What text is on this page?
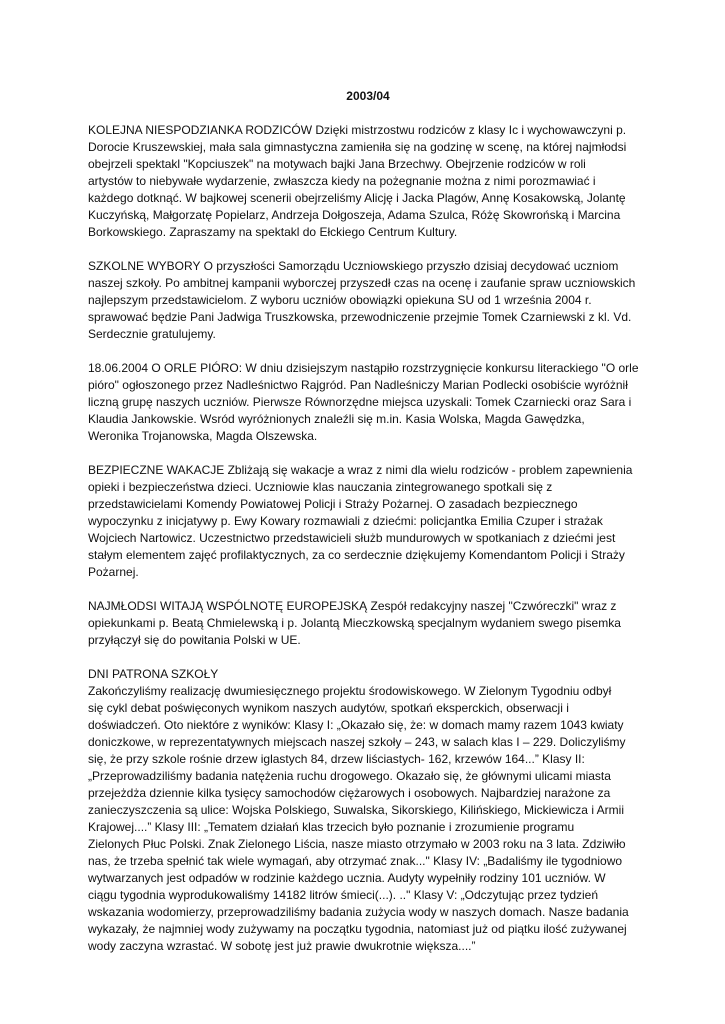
2003/04
KOLEJNA NIESPODZIANKA RODZICÓW Dzięki mistrzostwu rodziców z klasy Ic i wychowawczyni p.
Dorocie Kruszewskiej, mała sala gimnastyczna zamieniła się na godzinę w scenę, na której najmłodsi
obejrzeli spektakl "Kopciuszek" na motywach bajki Jana Brzechwy. Obejrzenie rodziców w roli
artystów to niebywałe wydarzenie, zwłaszcza kiedy na pożegnanie można z nimi porozmawiać i
każdego dotknąć. W bajkowej scenerii obejrzeliśmy Alicję i Jacka Plagów, Annę Kosakowską, Jolantę
Kuczyńską, Małgorzatę Popielarz, Andrzeja Dołgoszeja, Adama Szulca, Różę Skowrońską i Marcina
Borkowskiego. Zapraszamy na spektakl do Ełckiego Centrum Kultury.
SZKOLNE WYBORY O przyszłości Samorządu Uczniowskiego przyszło dzisiaj decydować uczniom
naszej szkoły. Po ambitnej kampanii wyborczej przyszedł czas na ocenę i zaufanie spraw uczniowskich
najlepszym przedstawicielom. Z wyboru uczniów obowiązki opiekuna SU od 1 września 2004 r.
sprawować będzie Pani Jadwiga Truszkowska, przewodniczenie przejmie Tomek Czarniewski z kl. Vd.
Serdecznie gratulujemy.
18.06.2004 O ORLE PIÓRO: W dniu dzisiejszym nastąpiło rozstrzygnięcie konkursu literackiego "O orle
pióro" ogłoszonego przez Nadleśnictwo Rajgród. Pan Nadleśniczy Marian Podlecki osobiście wyróżnił
liczną grupę naszych uczniów. Pierwsze Równorzędne miejsca uzyskali: Tomek Czarniecki oraz Sara i
Klaudia Jankowskie. Wsród wyróżnionych znaleźli się m.in. Kasia Wolska, Magda Gawędzka,
Weronika Trojanowska, Magda Olszewska.
BEZPIECZNE WAKACJE Zbliżają się wakacje a wraz z nimi dla wielu rodziców - problem zapewnienia
opieki i bezpieczeństwa dzieci. Uczniowie klas nauczania zintegrowanego spotkali się z
przedstawicielami Komendy Powiatowej Policji i Straży Pożarnej. O zasadach bezpiecznego
wypoczynku z inicjatywy p. Ewy Kowary rozmawiali z dziećmi: policjantka Emilia Czuper i strażak
Wojciech Nartowicz. Uczestnictwo przedstawicieli służb mundurowych w spotkaniach z dziećmi jest
stałym elementem zajęć profilaktycznych, za co serdecznie dziękujemy Komendantom Policji i Straży
Pożarnej.
NAJMŁODSI WITAJĄ WSPÓLNOTĘ EUROPEJSKĄ Zespół redakcyjny naszej "Czwóreczki" wraz z
opiekunkami p. Beatą Chmielewską i p. Jolantą Mieczkowską specjalnym wydaniem swego pisemka
przyłączył się do powitania Polski w UE.
DNI PATRONA SZKOŁY
Zakończyliśmy realizację dwumiesięcznego projektu środowiskowego. W Zielonym Tygodniu odbył
się cykl debat poświęconych wynikom naszych audytów, spotkań eksperckich, obserwacji i
doświadczeń. Oto niektóre z wyników: Klasy I: „Okazało się, że: w domach mamy razem 1043 kwiaty
doniczkowe, w reprezentatywnych miejscach naszej szkoły – 243, w salach klas I – 229. Doliczyliśmy
się, że przy szkole rośnie drzew iglastych 84, drzew liściastych- 162, krzewów 164...” Klasy II:
„Przeprowadziliśmy badania natężenia ruchu drogowego. Okazało się, że głównymi ulicami miasta
przejeżdża dziennie kilka tysięcy samochodów ciężarowych i osobowych. Najbardziej narażone za
zanieczyszczenia są ulice: Wojska Polskiego, Suwalska, Sikorskiego, Kilińskiego, Mickiewicza i Armii
Krajowej....” Klasy III: „Tematem działań klas trzecich było poznanie i zrozumienie programu
Zielonych Płuc Polski. Znak Zielonego Liścia, nasze miasto otrzymało w 2003 roku na 3 lata. Zdziwiło
nas, że trzeba spełnić tak wiele wymagań, aby otrzymać znak..." Klasy IV: „Badaliśmy ile tygodniowo
wytwarzanych jest odpadów w rodzinie każdego ucznia. Audyty wypełniły rodziny 101 uczniów. W
ciągu tygodnia wyprodukowaliśmy 14182 litrów śmieci(...). .." Klasy V: „Odczytując przez tydzień
wskazania wodomierzy, przeprowadziliśmy badania zużycia wody w naszych domach. Nasze badania
wykazały, że najmniej wody zużywamy na początku tygodnia, natomiast już od piątku ilość zużywanej
wody zaczyna wzrastać. W sobotę jest już prawie dwukrotnie większa....”
